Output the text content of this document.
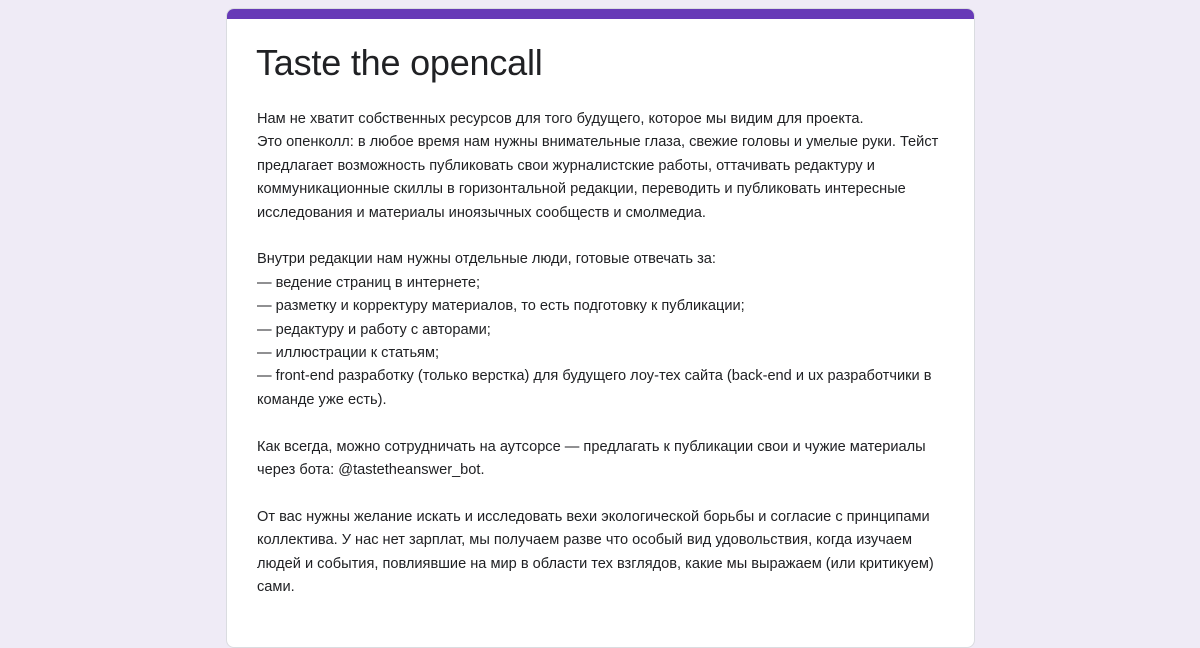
Taste the opencall

Нам не хватит собственных ресурсов для того будущего, которое мы видим для проекта.
Это опенколл: в любое время нам нужны внимательные глаза, свежие головы и умелые руки. Тейст предлагает возможность публиковать свои журналистские работы, оттачивать редактуру и коммуникационные скиллы в горизонтальной редакции, переводить и публиковать интересные исследования и материалы иноязычных сообществ и смолмедиа.

Внутри редакции нам нужны отдельные люди, готовые отвечать за:
— ведение страниц в интернете;
— разметку и корректуру материалов, то есть подготовку к публикации;
— редактуру и работу с авторами;
— иллюстрации к статьям;
— front-end разработку (только верстка) для будущего лоу-тех сайта (back-end и ux разработчики в команде уже есть).

Как всегда, можно сотрудничать на аутсорсе — предлагать к публикации свои и чужие материалы через бота: @tastetheanswer_bot.

От вас нужны желание искать и исследовать вехи экологической борьбы и согласие с принципами коллектива. У нас нет зарплат, мы получаем разве что особый вид удовольствия, когда изучаем людей и события, повлиявшие на мир в области тех взглядов, какие мы выражаем (или критикуем) сами.
